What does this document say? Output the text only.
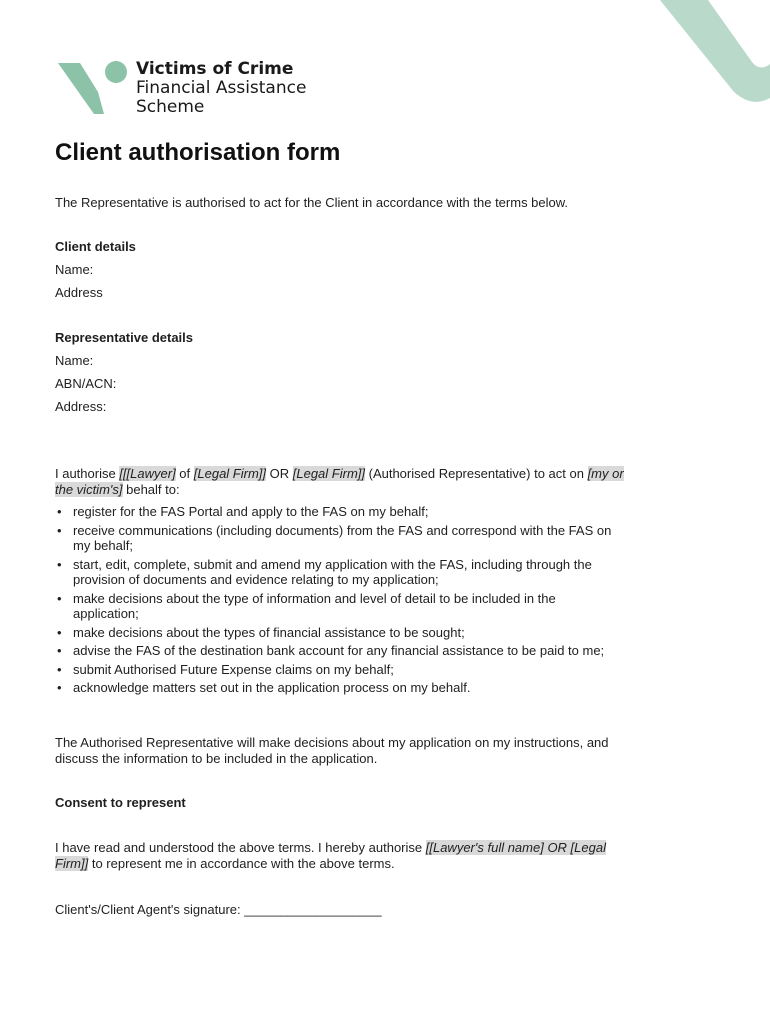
Victims of Crime
Financial Assistance
Scheme
Client authorisation form

The Representative is authorised to act for the Client in accordance with the terms below.

Client details

Name:

Address

Representative details

Name:

ABN/ACN:

Address:

I authorise [[[Lawyer] of [Legal Firm]] OR [Legal Firm]] (Authorised Representative) to act on [my or the victim's] behalf to:

• register for the FAS Portal and apply to the FAS on my behalf;
• receive communications (including documents) from the FAS and correspond with the FAS on my behalf;
• start, edit, complete, submit and amend my application with the FAS, including through the provision of documents and evidence relating to my application;
• make decisions about the type of information and level of detail to be included in the application;
• make decisions about the types of financial assistance to be sought;
• advise the FAS of the destination bank account for any financial assistance to be paid to me;
• submit Authorised Future Expense claims on my behalf;
• acknowledge matters set out in the application process on my behalf.

The Authorised Representative will make decisions about my application on my instructions, and discuss the information to be included in the application.

Consent to represent

I have read and understood the above terms. I hereby authorise [[Lawyer's full name] OR [Legal Firm]] to represent me in accordance with the above terms.

Client's/Client Agent's signature: ___________________
